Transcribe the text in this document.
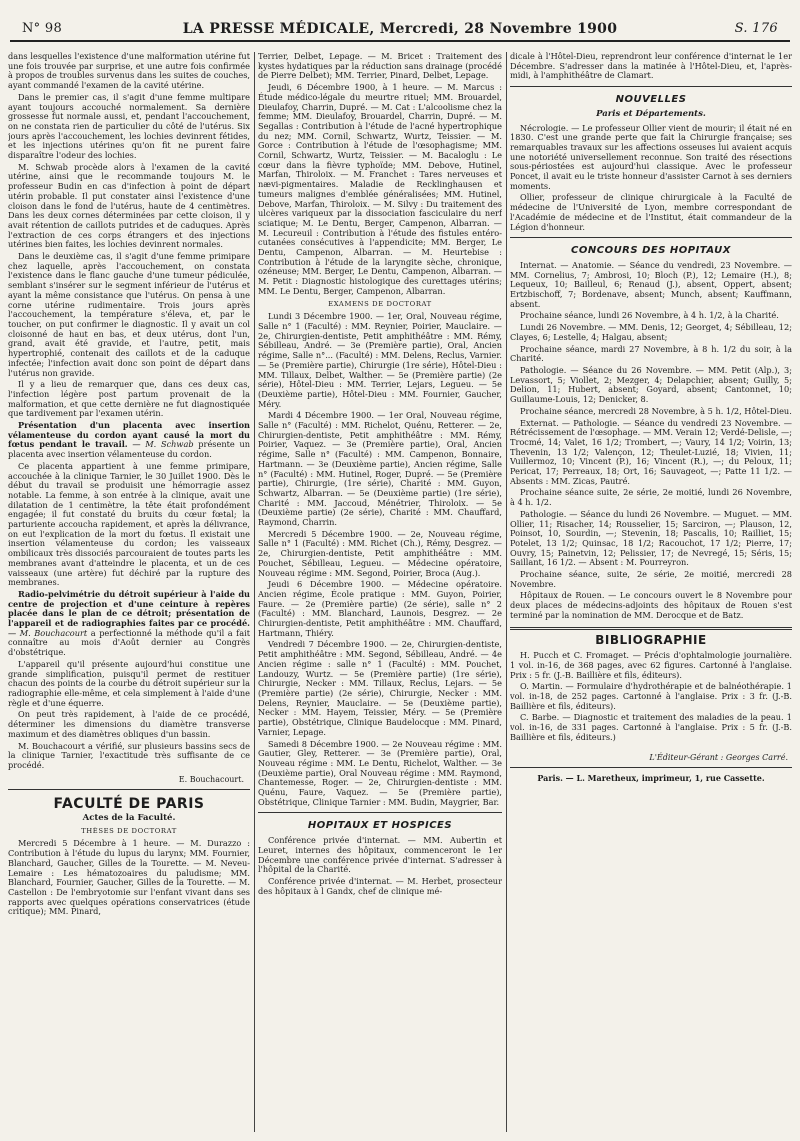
N° 98	LA PRESSE MÉDICALE, Mercredi, 28 Novembre 1900	S. 176

dans lesquelles l'existence d'une malformation utérine fut une fois trouvée par surprise, et une autre fois confirmée à propos de troubles survenus dans les suites de couches, ayant commandé l'examen de la cavité utérine.

Dans le premier cas, il s'agit d'une femme multipare ayant toujours accouché normalement. Sa dernière grossesse fut normale aussi, et, pendant l'accouchement, on ne constata rien de particulier du côté de l'utérus. Six jours après l'accouchement, les lochies devinrent fétides, et les injections utérines qu'on fit ne purent faire disparaître l'odeur des lochies.

M. Schwab procède alors à l'examen de la cavité utérine, ainsi que le recommande toujours M. le professeur Budin en cas d'infection à point de départ utérin probable. Il put constater ainsi l'existence d'une cloison dans le fond de l'utérus, haute de 4 centimètres. Dans les deux cornes déterminées par cette cloison, il y avait rétention de caillots putrides et de caduques. Après l'extraction de ces corps étrangers et des injections utérines bien faites, les lochies devinrent normales.

Dans le deuxième cas, il s'agit d'une femme primipare chez laquelle, après l'accouchement, on constata l'existence dans le flanc gauche d'une tumeur pédiculée, semblant s'insérer sur le segment inférieur de l'utérus et ayant la même consistance que l'utérus. On pensa à une corne utérine rudimentaire. Trois jours après l'accouchement, la température s'éleva, et, par le toucher, on put confirmer le diagnostic. Il y avait un col cloisonné de haut en bas, et deux utérus, dont l'un, grand, avait été gravide, et l'autre, petit, mais hypertrophié, contenait des caillots et de la caduque infectée; l'infection avait donc son point de départ dans l'utérus non gravide.

Il y a lieu de remarquer que, dans ces deux cas, l'infection légère post partum provenait de la malformation, et que cette dernière ne fut diagnostiquée que tardivement par l'examen utérin.

Présentation d'un placenta avec insertion vélamenteuse du cordon ayant causé la mort du fœtus pendant le travail. — M. Schwab présente un placenta avec insertion vélamenteuse du cordon.

Ce placenta appartient à une femme primipare, accouchée à la clinique Tarnier, le 30 Juillet 1900. Dès le début du travail se produisit une hémorragie assez notable. La femme, à son entrée à la clinique, avait une dilatation de 1 centimètre, la tête était profondément engagée; il fut constaté du bruits du cœur fœtal; la parturiente accoucha rapidement, et après la délivrance, on eut l'explication de la mort du fœtus. Il existait une insertion vélamenteuse du cordon; les vaisseaux ombilicaux très dissociés parcouraient de toutes parts les membranes avant d'atteindre le placenta, et un de ces vaisseaux (une artère) fut déchiré par la rupture des membranes.

Radio-pelvimétrie du détroit supérieur à l'aide du centre de projection et d'une ceinture à repères placée dans le plan de ce détroit; présentation de l'appareil et de radiographies faites par ce procédé. — M. Bouchacourt a perfectionné la méthode qu'il a fait connaître au mois d'Août dernier au Congrès d'obstétrique.

L'appareil qu'il présente aujourd'hui constitue une grande simplification, puisqu'il permet de restituer chacun des points de la courbe du détroit supérieur sur la radiographie elle-même, et cela simplement à l'aide d'une règle et d'une équerre.

On peut très rapidement, à l'aide de ce procédé, déterminer les dimensions du diamètre transverse maximum et des diamètres obliques d'un bassin.

M. Bouchacourt a vérifié, sur plusieurs bassins secs de la clinique Tarnier, l'exactitude très suffisante de ce procédé.

E. Bouchacourt.
FACULTÉ DE PARIS
Actes de la Faculté.
THÈSES DE DOCTORAT

Mercredi 5 Décembre à 1 heure. — M. Durazzo : Contribution à l'étude du lupus du larynx; MM. Fournier, Blanchard, Gaucher, Gilles de la Tourette. — M. Neveu-Lemaire : Les hématozoaires du paludisme; MM. Blanchard, Fournier, Gaucher, Gilles de la Tourette. — M. Castellon : De l'embryotomie sur l'enfant vivant dans ses rapports avec quelques opérations conservatrices (étude critique); MM. Pinard,

Terrier, Delbet, Lepage. — M. Bricet : Traitement des kystes hydatiques par la réduction sans drainage (procédé de Pierre Delbet); MM. Terrier, Pinard, Delbet, Lepage.

Jeudi, 6 Décembre 1900, à 1 heure. — M. Marcus : Étude médico-légale du meurtre rituel; MM. Brouardel, Dieulafoy, Charrin, Dupré. — M. Cat : L'alcoolisme chez la femme; MM. Dieulafoy, Brouardel, Charrin, Dupré. — M. Segallas : Contribution à l'étude de l'acné hypertrophique du nez; MM. Cornil, Schwartz, Wurtz, Teissier. — M. Gorce : Contribution à l'étude de l'œsophagisme; MM. Cornil, Schwartz, Wurtz, Teissier. — M. Bacaloglu : Le cœur dans la fièvre typhoïde; MM. Debove, Hutinel, Marfan, Thiroloix. — M. Franchet : Tares nerveuses et nævi-pigmentaires. Maladie de Recklinghausen et tumeurs malignes d'emblée généralisées; MM. Hutinel, Debove, Marfan, Thiroloix. — M. Silvy : Du traitement des ulcères variqueux par la dissociation fasciculaire du nerf sciatique; M. Le Dentu, Berger, Campenon, Albarran. — M. Lecureuil : Contribution à l'étude des fistules entéro-cutanées consécutives à l'appendicite; MM. Berger, Le Dentu, Campenon, Albarran. — M. Heurtebise : Contribution à l'étude de la laryngite sèche, chronique, ozéneuse; MM. Berger, Le Dentu, Campenon, Albarran. — M. Petit : Diagnostic histologique des curettages utérins; MM. Le Dentu, Berger, Campenon, Albarran.

EXAMENS DE DOCTORAT

Lundi 3 Décembre 1900. — 1er, Oral, Nouveau régime, Salle n° 1 (Faculté) : MM. Reynier, Poirier, Mauclaire. — 2e, Chirurgien-dentiste, Petit amphithéâtre : MM. Rémy, Sébilleau, André. — 3e (Première partie), Oral, Ancien régime, Salle n°... (Faculté) : MM. Delens, Reclus, Varnier. — 5e (Première partie), Chirurgie (1re série), Hôtel-Dieu : MM. Tillaux, Delbet, Walther. — 5e (Première partie) (2e série), Hôtel-Dieu : MM. Terrier, Lejars, Legueu. — 5e (Deuxième partie), Hôtel-Dieu : MM. Fournier, Gaucher, Méry.

Mardi 4 Décembre 1900. — 1er Oral, Nouveau régime, Salle n° (Faculté) : MM. Richelot, Quénu, Retterer. — 2e, Chirurgien-dentiste, Petit amphithéâtre : MM. Rémy, Poirier, Vaquez. — 3e (Première partie), Oral, Ancien régime, Salle n° (Faculté) : MM. Campenon, Bonnaire, Hartmann. — 3e (Deuxième partie), Ancien régime, Salle n° (Faculté) : MM. Hutinel, Roger, Dupré. — 5e (Première partie), Chirurgie, (1re série), Charité : MM. Guyon, Schwartz, Albarran. — 5e (Deuxième partie) (1re série), Charité : MM. Jaccoud, Ménétrier, Thiroloix. — 5e (Deuxième partie) (2e série), Charité : MM. Chauffard, Raymond, Charrin.

Mercredi 5 Décembre 1900. — 2e, Nouveau régime, Salle n° 1 (Faculté) : MM. Richet (Ch.), Rémy, Desgrez. — 2e, Chirurgien-dentiste, Petit amphithéâtre : MM. Pouchet, Sébilleau, Legueu. — Médecine opératoire, Nouveau régime : MM. Segond, Poirier, Broca (Aug.).

Jeudi 6 Décembre 1900. — Médecine opératoire. Ancien régime, École pratique : MM. Guyon, Poirier, Faure. — 2e (Première partie) (2e série), salle n° 2 (Faculté) : MM. Blanchard, Launois, Desgrez. — 2e Chirurgien-dentiste, Petit amphithéâtre : MM. Chauffard, Hartmann, Thiéry.

Vendredi 7 Décembre 1900. — 2e, Chirurgien-dentiste, Petit amphithéâtre : MM. Segond, Sébilleau, André. — 4e Ancien régime : salle n° 1 (Faculté) : MM. Pouchet, Landouzy, Wurtz. — 5e (Première partie) (1re série), Chirurgie, Necker : MM. Tillaux, Reclus, Lejars. — 5e (Première partie) (2e série), Chirurgie, Necker : MM. Delens, Reynier, Mauclaire. — 5e (Deuxième partie), Necker : MM. Hayem, Teissier, Méry. — 5e (Première partie), Obstétrique, Clinique Baudelocque : MM. Pinard, Varnier, Lepage.

Samedi 8 Décembre 1900. — 2e Nouveau régime : MM. Gautier, Gley, Retterer. — 3e (Première partie), Oral, Nouveau régime : MM. Le Dentu, Richelot, Walther. — 3e (Deuxième partie), Oral Nouveau régime : MM. Raymond, Chantemesse, Roger. — 2e, Chirurgien-dentiste : MM. Quénu, Faure, Vaquez. — 5e (Première partie), Obstétrique, Clinique Tarnier : MM. Budin, Maygrier, Bar.

HOPITAUX ET HOSPICES

Conférence privée d'internat. — MM. Aubertin et Leuret, internes des hôpitaux, commenceront le 1er Décembre une conférence privée d'internat. S'adresser à l'hôpital de la Charité.

Conférence privée d'internat. — M. Herbet, prosecteur des hôpitaux à l Gandx, chef de clinique mé-

dicale à l'Hôtel-Dieu, reprendront leur conférence d'internat le 1er Décembre. S'adresser dans la matinée à l'Hôtel-Dieu, et, l'après-midi, à l'amphithéâtre de Clamart.

NOUVELLES
Paris et Départements.

Nécrologie. — Le professeur Ollier vient de mourir; il était né en 1830. C'est une grande perte que fait la Chirurgie française; ses remarquables travaux sur les affections osseuses lui avaient acquis une notoriété universellement reconnue. Son traité des résections sous-périostées est aujourd'hui classique. Avec le professeur Poncet, il avait eu le triste honneur d'assister Carnot à ses derniers moments.

Ollier, professeur de clinique chirurgicale à la Faculté de médecine de l'Université de Lyon, membre correspondant de l'Académie de médecine et de l'Institut, était commandeur de la Légion d'honneur.

CONCOURS DES HOPITAUX

Internat. — Anatomie. — Séance du vendredi, 23 Novembre. — MM. Cornelius, 7; Ambrosi, 10; Bloch (P.), 12; Lemaire (H.), 8; Lequeux, 10; Bailleul, 6; Renaud (J.), absent, Oppert, absent; Ertzbischoff, 7; Bordenave, absent; Munch, absent; Kauffmann, absent.

Prochaine séance, lundi 26 Novembre, à 4 h. 1/2, à la Charité.

Lundi 26 Novembre. — MM. Denis, 12; Georget, 4; Sébilleau, 12; Clayes, 6; Lestelle, 4; Halgau, absent;

Prochaine séance, mardi 27 Novembre, à 8 h. 1/2 du soir, à la Charité.

Pathologie. — Séance du 26 Novembre. — MM. Petit (Alp.), 3; Levassort, 5; Viollet, 2; Mezger, 4; Delapchier, absent; Guilly, 5; Delion, 11; Hubert, absent; Goyard, absent; Cantonnet, 10; Guillaume-Louis, 12; Denicker, 8.

Prochaine séance, mercredi 28 Novembre, à 5 h. 1/2, Hôtel-Dieu.

Externat. — Pathologie. — Séance du vendredi 23 Novembre. — Rétrécissement de l'œsophage. — MM. Verain 12; Verdé-Delisle, —; Trocmé, 14; Valet, 16 1/2; Trombert, —; Vaury, 14 1/2; Voirin, 13; Thevenin, 13 1/2; Valençon, 12; Theulet-Luzié, 18; Vivien, 11; Vuillermoz, 10; Vincent (P.), 16; Vincent (R.), —; du Peloux, 11; Pericat, 17; Perreaux, 18; Ort, 16; Sauvageot, —; Patte 11 1/2. — Absents : MM. Zicas, Pautré.

Prochaine séance suite, 2e série, 2e moitié, lundi 26 Novembre, à 4 h. 1/2.

Pathologie. — Séance du lundi 26 Novembre. — Muguet. — MM. Ollier, 11; Risacher, 14; Rousselier, 15; Sarciron, —; Plauson, 12, Poinsot, 10, Sourdin, —; Stevenin, 18; Pascalis, 10; Railliet, 15; Potelet, 13 1/2; Quinsac, 18 1/2; Racouchot, 17 1/2; Pierre, 17; Ouvry, 15; Painetvin, 12; Pelissier, 17; de Nevregé, 15; Séris, 15; Saillant, 16 1/2. — Absent : M. Pourreyron.

Prochaine séance, suite, 2e série, 2e moitié, mercredi 28 Novembre.

Hôpitaux de Rouen. — Le concours ouvert le 8 Novembre pour deux places de médecins-adjoints des hôpitaux de Rouen s'est terminé par la nomination de MM. Derocque et de Batz.

BIBLIOGRAPHIE

H. Pucch et C. Fromaget. — Précis d'ophtalmologie journalière. 1 vol. in-16, de 368 pages, avec 62 figures. Cartonné à l'anglaise. Prix : 5 fr. (J.-B. Baillière et fils, éditeurs).

O. Martin. — Formulaire d'hydrothérapie et de balnéothérapie. 1 vol. in-18, de 252 pages. Cartonné à l'anglaise. Prix : 3 fr. (J.-B. Baillière et fils, éditeurs).

C. Barbe. — Diagnostic et traitement des maladies de la peau. 1 vol. in-16, de 331 pages. Cartonné à l'anglaise. Prix : 5 fr. (J.-B. Baillière et fils, éditeurs.)

L'Éditeur-Gérant : Georges Carré.
Paris. — L. Maretheux, imprimeur, 1, rue Cassette.
